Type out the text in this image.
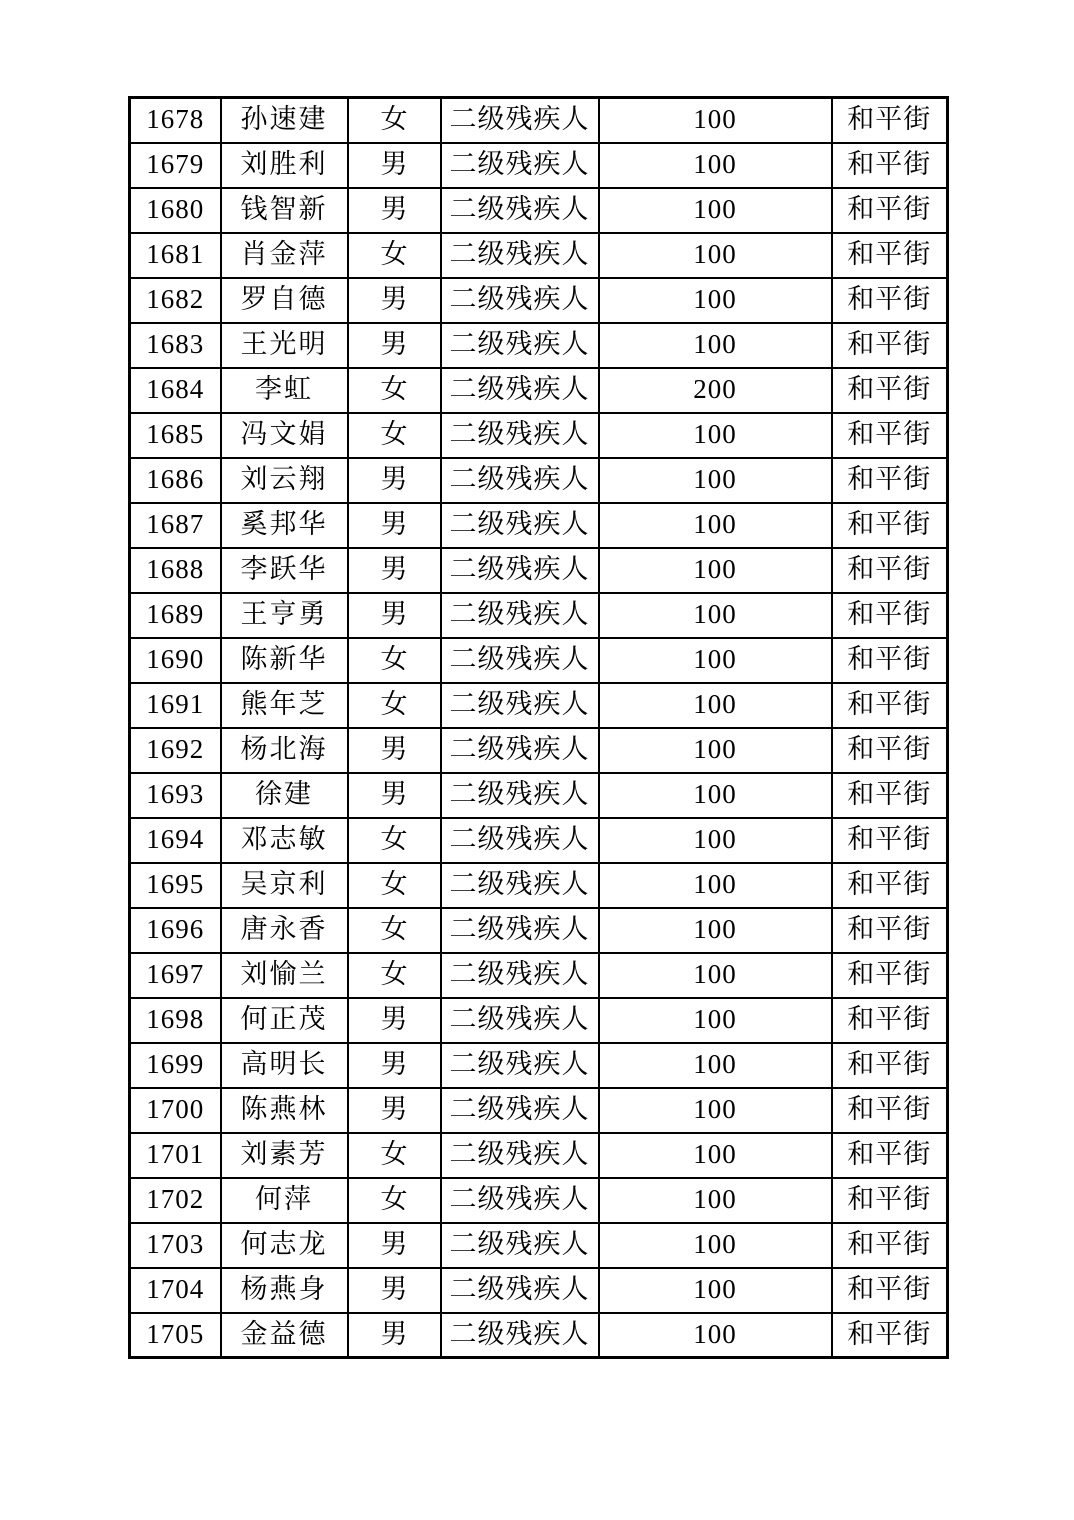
1678	孙速建	女	二级残疾人	100	和平街
1679	刘胜利	男	二级残疾人	100	和平街
1680	钱智新	男	二级残疾人	100	和平街
1681	肖金萍	女	二级残疾人	100	和平街
1682	罗自德	男	二级残疾人	100	和平街
1683	王光明	男	二级残疾人	100	和平街
1684	李虹	女	二级残疾人	200	和平街
1685	冯文娟	女	二级残疾人	100	和平街
1686	刘云翔	男	二级残疾人	100	和平街
1687	奚邦华	男	二级残疾人	100	和平街
1688	李跃华	男	二级残疾人	100	和平街
1689	王亨勇	男	二级残疾人	100	和平街
1690	陈新华	女	二级残疾人	100	和平街
1691	熊年芝	女	二级残疾人	100	和平街
1692	杨北海	男	二级残疾人	100	和平街
1693	徐建	男	二级残疾人	100	和平街
1694	邓志敏	女	二级残疾人	100	和平街
1695	吴京利	女	二级残疾人	100	和平街
1696	唐永香	女	二级残疾人	100	和平街
1697	刘愉兰	女	二级残疾人	100	和平街
1698	何正茂	男	二级残疾人	100	和平街
1699	高明长	男	二级残疾人	100	和平街
1700	陈燕林	男	二级残疾人	100	和平街
1701	刘素芳	女	二级残疾人	100	和平街
1702	何萍	女	二级残疾人	100	和平街
1703	何志龙	男	二级残疾人	100	和平街
1704	杨燕身	男	二级残疾人	100	和平街
1705	金益德	男	二级残疾人	100	和平街
